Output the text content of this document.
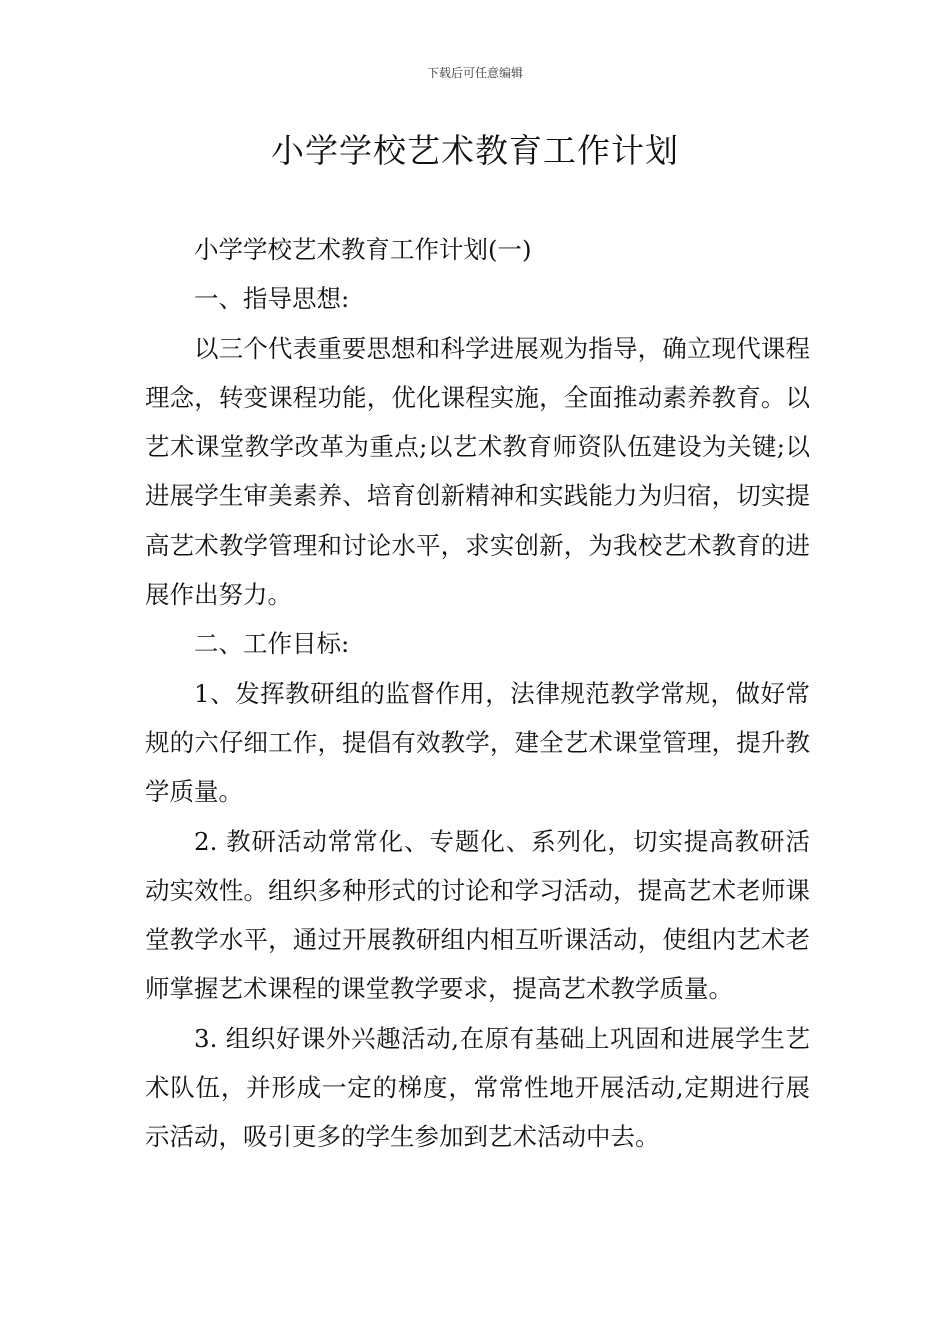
下载后可任意编辑
小学学校艺术教育工作计划

小学学校艺术教育工作计划(一)

一、指导思想:

以三个代表重要思想和科学进展观为指导，确立现代课程理念，转变课程功能，优化课程实施，全面推动素养教育。以艺术课堂教学改革为重点;以艺术教育师资队伍建设为关键;以进展学生审美素养、培育创新精神和实践能力为归宿，切实提高艺术教学管理和讨论水平，求实创新，为我校艺术教育的进展作出努力。

二、工作目标:

1、发挥教研组的监督作用，法律规范教学常规，做好常规的六仔细工作，提倡有效教学，建全艺术课堂管理，提升教学质量。

2. 教研活动常常化、专题化、系列化，切实提高教研活动实效性。组织多种形式的讨论和学习活动，提高艺术老师课堂教学水平，通过开展教研组内相互听课活动，使组内艺术老师掌握艺术课程的课堂教学要求，提高艺术教学质量。

3. 组织好课外兴趣活动,在原有基础上巩固和进展学生艺术队伍，并形成一定的梯度，常常性地开展活动,定期进行展示活动，吸引更多的学生参加到艺术活动中去。
